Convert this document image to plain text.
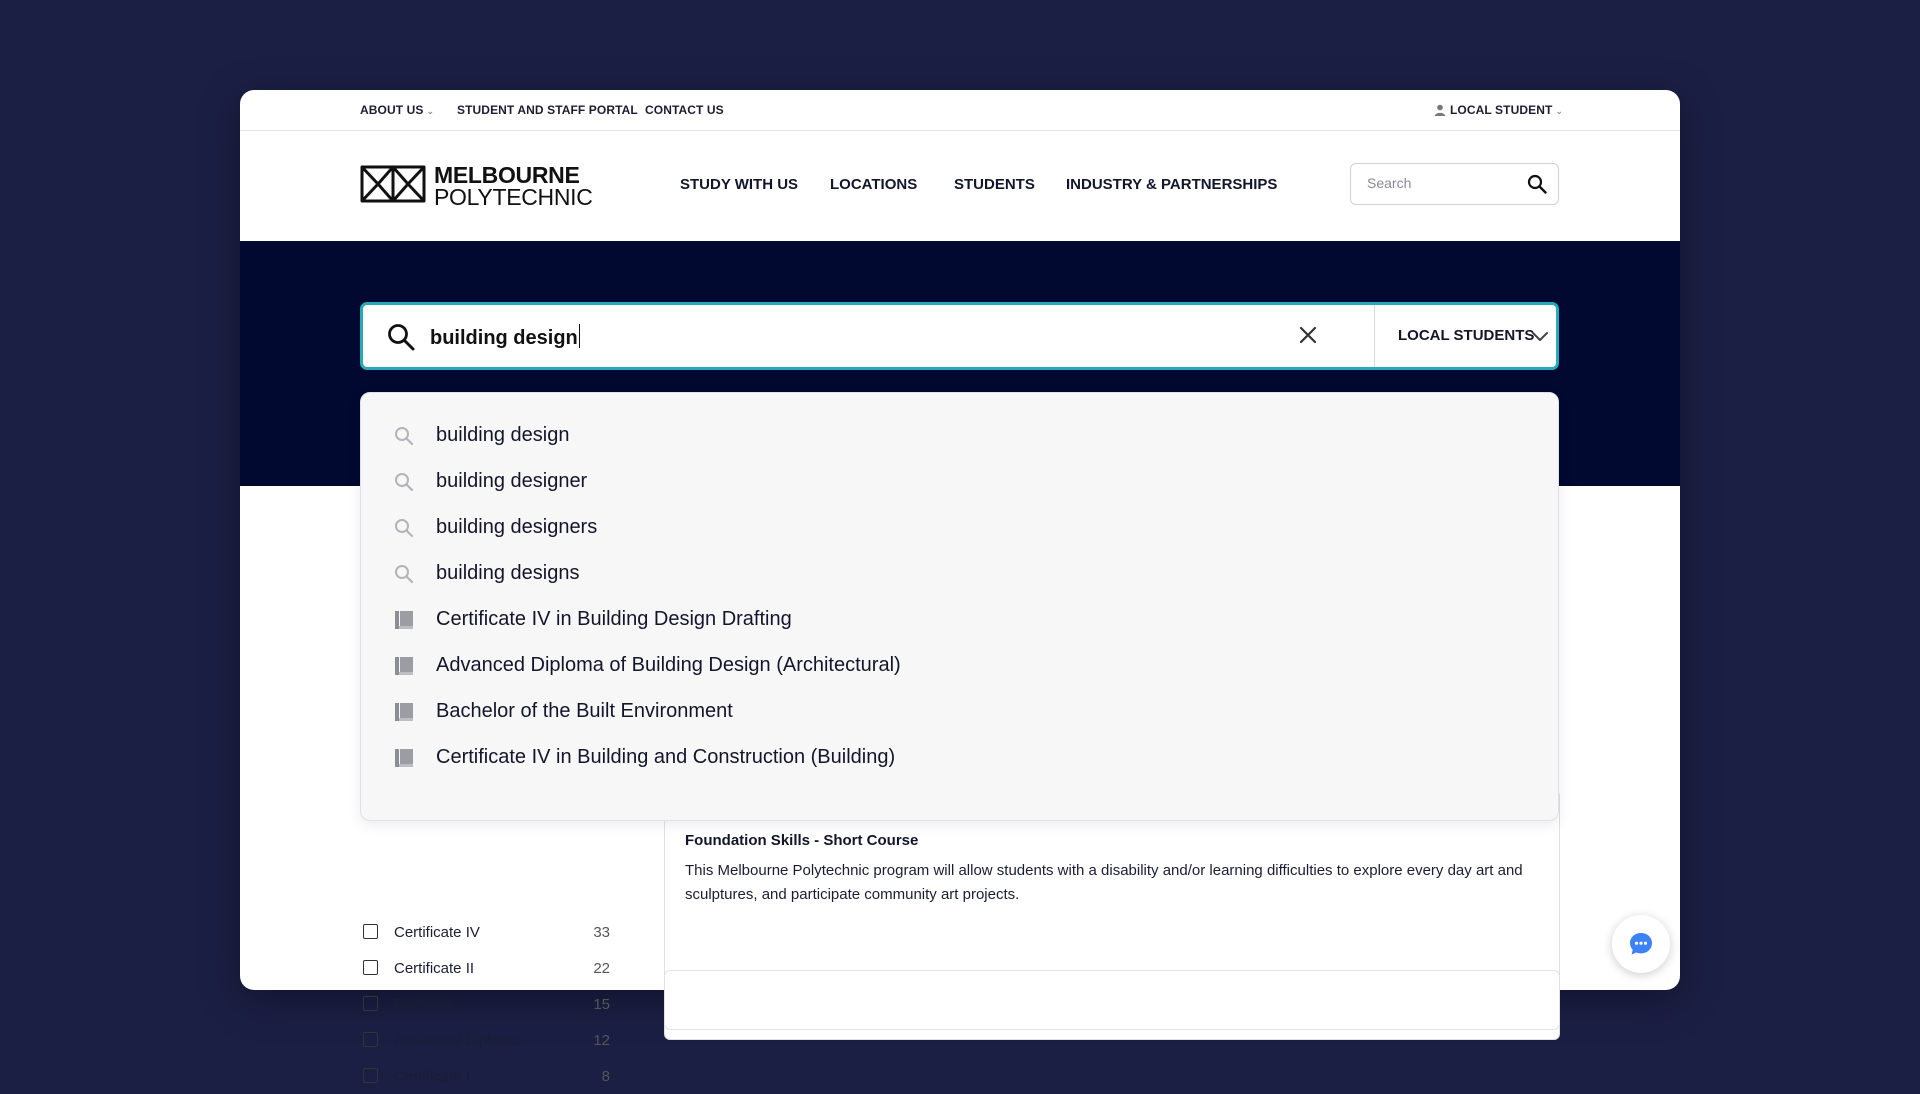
ABOUT US ⌄ STUDENT AND STAFF PORTAL CONTACT US	LOCAL STUDENT ⌄
MELBOURNE
POLYTECHNIC	STUDY WITH US LOCATIONS STUDENTS INDUSTRY & PARTNERSHIPS
Search
building design	LOCAL STUDENTS
building design
building designer
building designers
building designs
Certificate IV in Building Design Drafting
Advanced Diploma of Building Design (Architectural)
Bachelor of the Built Environment
Certificate IV in Building and Construction (Building)
Certificate IV	33
Certificate II	22
Bachelor	15
Advanced Diploma	12
Certificate I	8
Foundation Skills - Short Course
This Melbourne Polytechnic program will allow students with a disability and/or learning difficulties to explore every day art and sculptures, and participate community art projects.
